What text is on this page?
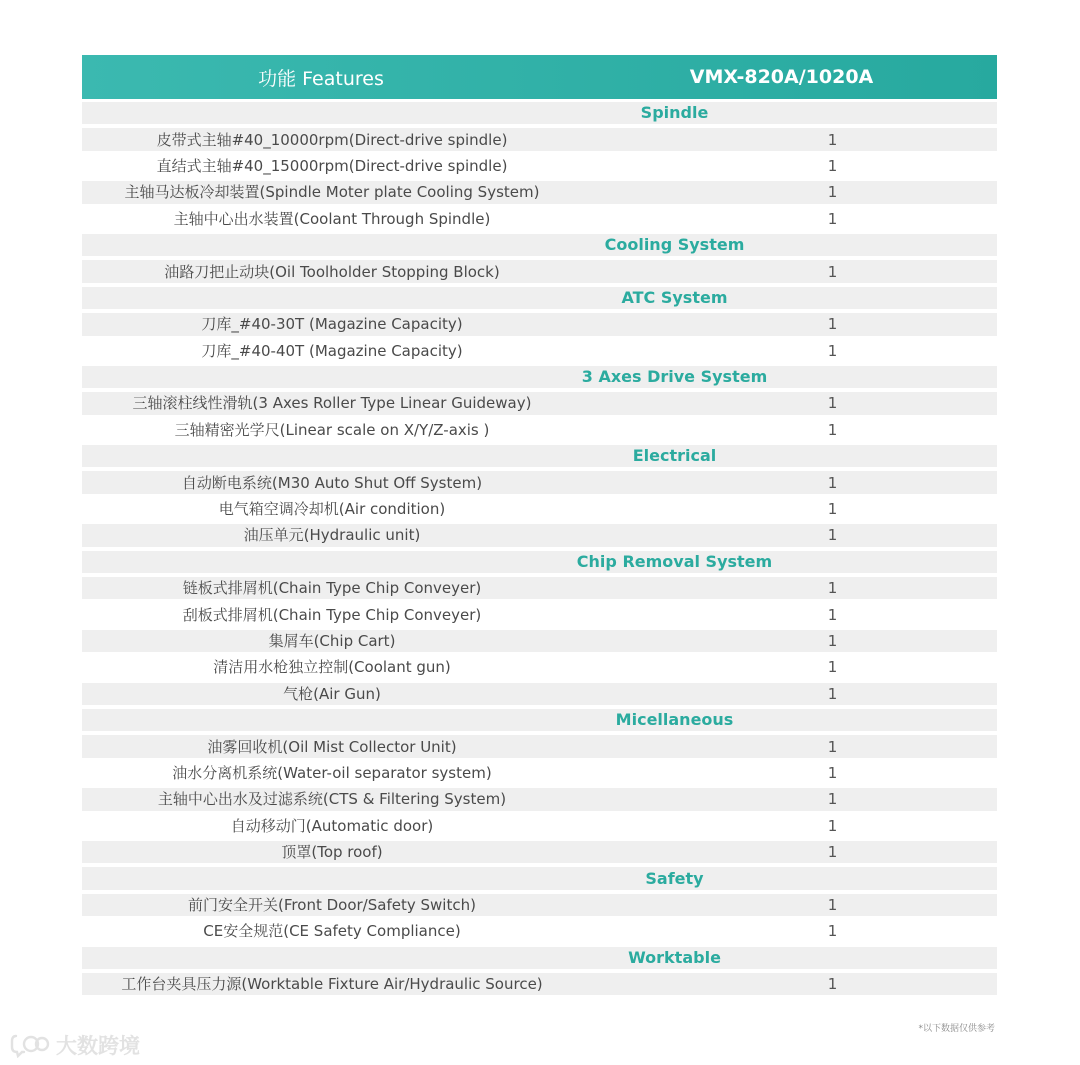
功能 Features	VMX-820A/1020A
Spindle
皮带式主轴#40_10000rpm(Direct-drive spindle)	1
直结式主轴#40_15000rpm(Direct-drive spindle)	1
主轴马达板冷却装置(Spindle Moter plate Cooling System)	1
主轴中心出水装置(Coolant Through Spindle)	1
Cooling System
油路刀把止动块(Oil Toolholder Stopping Block)	1
ATC System
刀库_#40-30T (Magazine Capacity)	1
刀库_#40-40T (Magazine Capacity)	1
3 Axes Drive System
三轴滚柱线性滑轨(3 Axes Roller Type Linear Guideway)	1
三轴精密光学尺(Linear scale on X/Y/Z-axis )	1
Electrical
自动断电系统(M30 Auto Shut Off System)	1
电气箱空调冷却机(Air condition)	1
油压单元(Hydraulic unit)	1
Chip Removal System
链板式排屑机(Chain Type Chip Conveyer)	1
刮板式排屑机(Chain Type Chip Conveyer)	1
集屑车(Chip Cart)	1
清洁用水枪独立控制(Coolant gun)	1
气枪(Air Gun)	1
Micellaneous
油雾回收机(Oil Mist Collector Unit)	1
油水分离机系统(Water-oil separator system)	1
主轴中心出水及过滤系统(CTS & Filtering System)	1
自动移动门(Automatic door)	1
顶罩(Top roof)	1
Safety
前门安全开关(Front Door/Safety Switch)	1
CE安全规范(CE Safety Compliance)	1
Worktable
工作台夹具压力源(Worktable Fixture Air/Hydraulic Source)	1
*以下数据仅供参考
大数跨境
